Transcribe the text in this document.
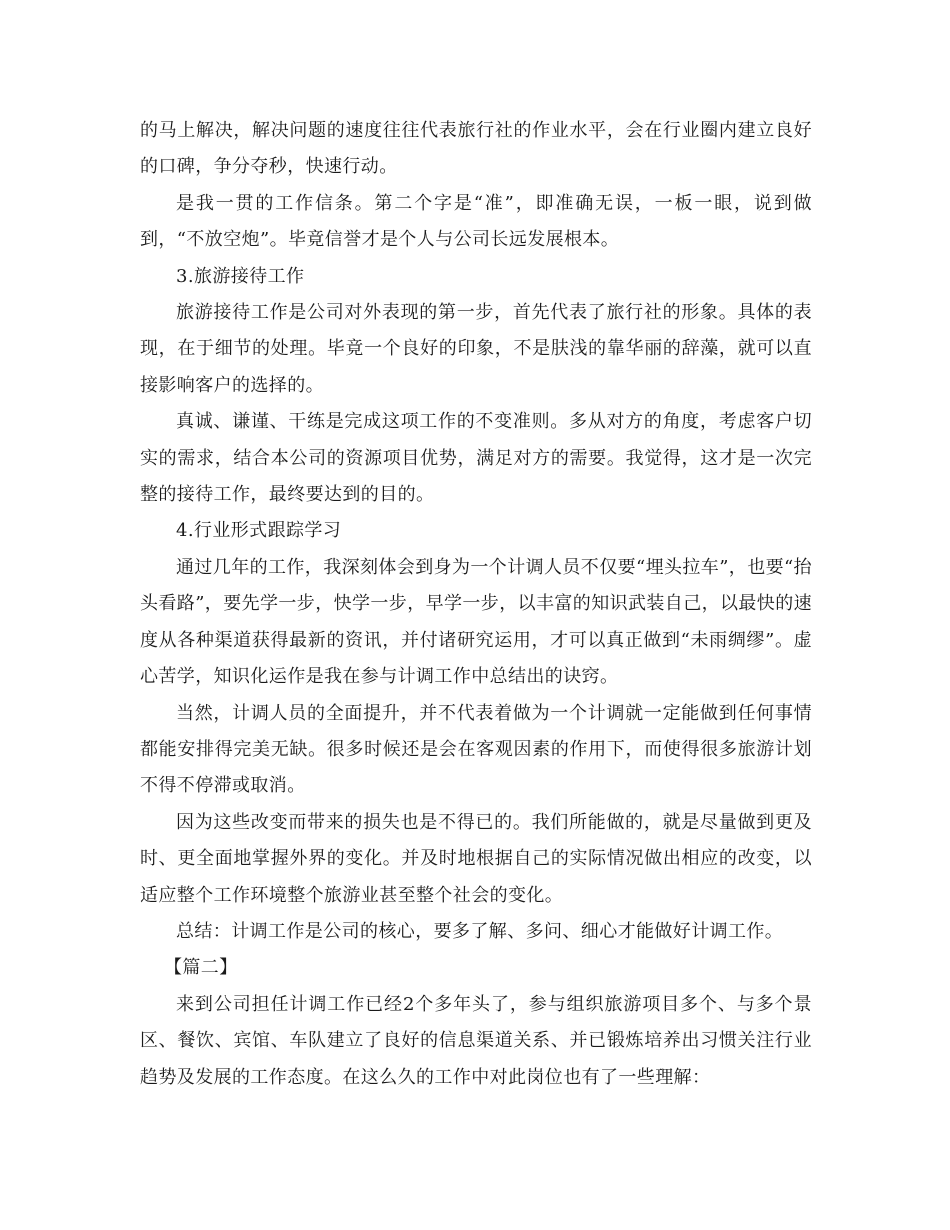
的马上解决，解决问题的速度往往代表旅行社的作业水平，会在行业圈内建立良好的口碑，争分夺秒，快速行动。

是我一贯的工作信条。第二个字是“准”，即准确无误，一板一眼，说到做到，“不放空炮”。毕竟信誉才是个人与公司长远发展根本。

3.旅游接待工作

旅游接待工作是公司对外表现的第一步，首先代表了旅行社的形象。具体的表现，在于细节的处理。毕竟一个良好的印象，不是肤浅的靠华丽的辞藻，就可以直接影响客户的选择的。

真诚、谦谨、干练是完成这项工作的不变准则。多从对方的角度，考虑客户切实的需求，结合本公司的资源项目优势，满足对方的需要。我觉得，这才是一次完整的接待工作，最终要达到的目的。

4.行业形式跟踪学习

通过几年的工作，我深刻体会到身为一个计调人员不仅要“埋头拉车”，也要“抬头看路”，要先学一步，快学一步，早学一步，以丰富的知识武装自己，以最快的速度从各种渠道获得最新的资讯，并付诸研究运用，才可以真正做到“未雨绸缪”。虚心苦学，知识化运作是我在参与计调工作中总结出的诀窍。

当然，计调人员的全面提升，并不代表着做为一个计调就一定能做到任何事情都能安排得完美无缺。很多时候还是会在客观因素的作用下，而使得很多旅游计划不得不停滞或取消。

因为这些改变而带来的损失也是不得已的。我们所能做的，就是尽量做到更及时、更全面地掌握外界的变化。并及时地根据自己的实际情况做出相应的改变，以适应整个工作环境整个旅游业甚至整个社会的变化。

总结：计调工作是公司的核心，要多了解、多问、细心才能做好计调工作。

【篇二】

来到公司担任计调工作已经2个多年头了，参与组织旅游项目多个、与多个景区、餐饮、宾馆、车队建立了良好的信息渠道关系、并已锻炼培养出习惯关注行业趋势及发展的工作态度。在这么久的工作中对此岗位也有了一些理解：
